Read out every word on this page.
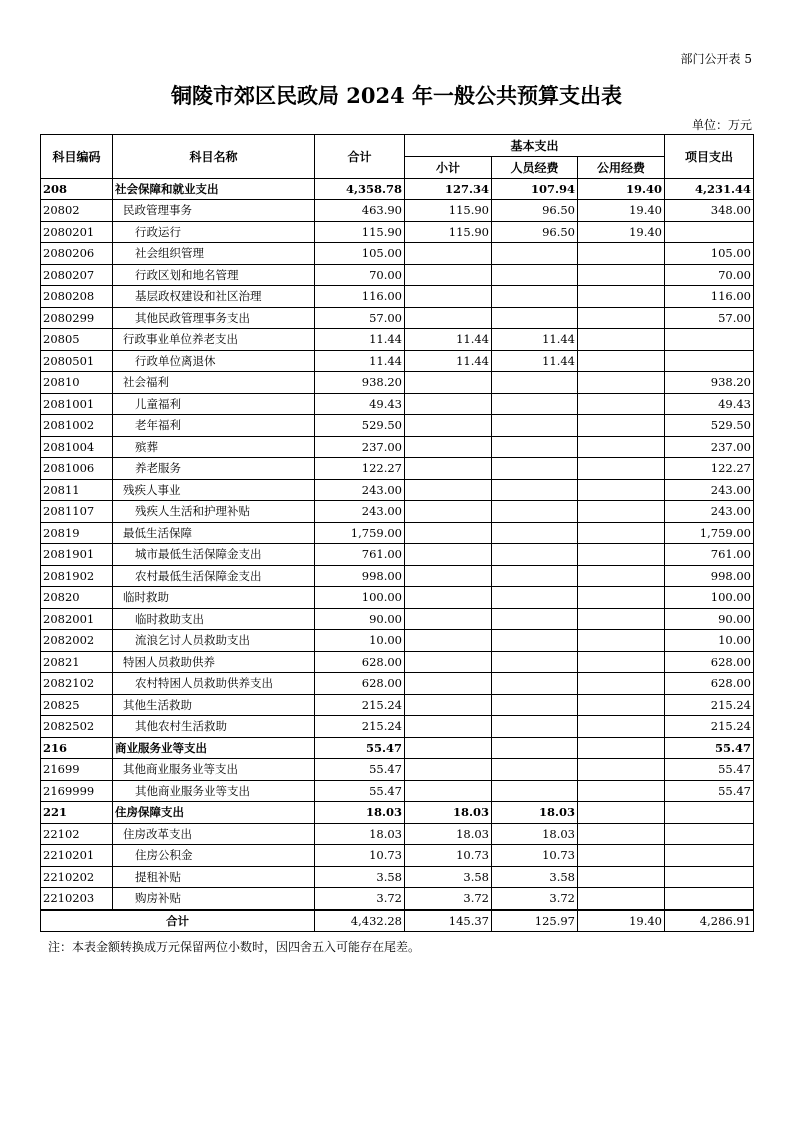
部门公开表 5
铜陵市郊区民政局 2024 年一般公共预算支出表
单位：万元
科目编码	科目名称	合计	基本支出			项目支出
			小计	人员经费	公用经费	
208	社会保障和就业支出	4,358.78	127.34	107.94	19.40	4,231.44
20802	民政管理事务	463.90	115.90	96.50	19.40	348.00
2080201	行政运行	115.90	115.90	96.50	19.40	
2080206	社会组织管理	105.00				105.00
2080207	行政区划和地名管理	70.00				70.00
2080208	基层政权建设和社区治理	116.00				116.00
2080299	其他民政管理事务支出	57.00				57.00
20805	行政事业单位养老支出	11.44	11.44	11.44		
2080501	行政单位离退休	11.44	11.44	11.44		
20810	社会福利	938.20				938.20
2081001	儿童福利	49.43				49.43
2081002	老年福利	529.50				529.50
2081004	殡葬	237.00				237.00
2081006	养老服务	122.27				122.27
20811	残疾人事业	243.00				243.00
2081107	残疾人生活和护理补贴	243.00				243.00
20819	最低生活保障	1,759.00				1,759.00
2081901	城市最低生活保障金支出	761.00				761.00
2081902	农村最低生活保障金支出	998.00				998.00
20820	临时救助	100.00				100.00
2082001	临时救助支出	90.00				90.00
2082002	流浪乞讨人员救助支出	10.00				10.00
20821	特困人员救助供养	628.00				628.00
2082102	农村特困人员救助供养支出	628.00				628.00
20825	其他生活救助	215.24				215.24
2082502	其他农村生活救助	215.24				215.24
216	商业服务业等支出	55.47				55.47
21699	其他商业服务业等支出	55.47				55.47
2169999	其他商业服务业等支出	55.47				55.47
221	住房保障支出	18.03	18.03	18.03		
22102	住房改革支出	18.03	18.03	18.03		
2210201	住房公积金	10.73	10.73	10.73		
2210202	提租补贴	3.58	3.58	3.58		
2210203	购房补贴	3.72	3.72	3.72		
合计		4,432.28	145.37	125.97	19.40	4,286.91
注：本表金额转换成万元保留两位小数时，因四舍五入可能存在尾差。
